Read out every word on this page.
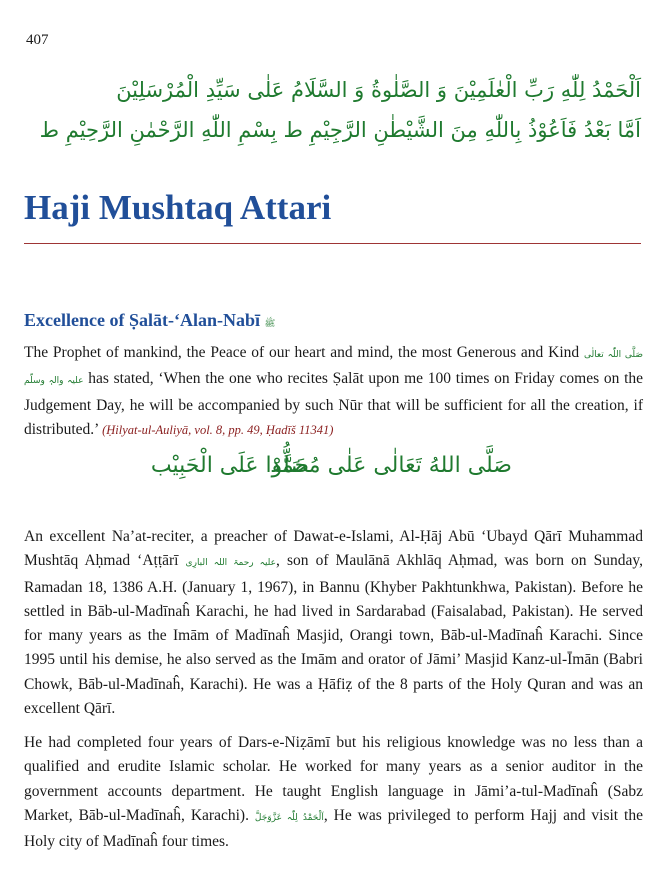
407
اَلْحَمْدُ لِلّٰهِ رَبِّ الْعٰلَمِیْنَ وَ الصَّلٰوةُ وَ السَّلَامُ عَلٰی سَیِّدِ الْمُرْسَلِیْنَ
اَمَّا بَعْدُ فَاَعُوْذُ بِاللّٰهِ مِنَ الشَّیْطٰنِ الرَّجِیْمِ ط بِسْمِ اللّٰهِ الرَّحْمٰنِ الرَّحِیْمِ ط
Haji Mushtaq Attari
Excellence of Ṣalāt-‘Alan-Nabī ﷺ

The Prophet of mankind, the Peace of our heart and mind, the most Generous and Kind صَلَّی اللّٰہ تعالٰی علیہ والہٖ وسلّم has stated, ‘When the one who recites Ṣalāt upon me 100 times on Friday comes on the Judgement Day, he will be accompanied by such Nūr that will be sufficient for all the creation, if distributed.’ (Ḥilyat-ul-Auliyā, vol. 8, pp. 49, Ḥadīš 11341)

صَلَّی اللهُ تَعَالٰی عَلٰی مُحَمَّد
صَلُّوْا عَلَی الْحَبِیْب

An excellent Na’at-reciter, a preacher of Dawat-e-Islami, Al-Ḥāj Abū ‘Ubayd Qārī Muhammad Mushtāq Aḥmad ‘Aṭṭārī علیہ رحمۃ اللہ البارِی, son of Maulānā Akhlāq Aḥmad, was born on Sunday, Ramadan 18, 1386 A.H. (January 1, 1967), in Bannu (Khyber Pakhtunkhwa, Pakistan). Before he settled in Bāb-ul-Madīnaĥ Karachi, he had lived in Sardarabad (Faisalabad, Pakistan). He served for many years as the Imām of Madīnaĥ Masjid, Orangi town, Bāb-ul-Madīnaĥ Karachi. Since 1995 until his demise, he also served as the Imām and orator of Jāmi’ Masjid Kanz-ul-Īmān (Babri Chowk, Bāb-ul-Madīnaĥ, Karachi). He was a Ḥāfiẓ of the 8 parts of the Holy Quran and was an excellent Qārī.

He had completed four years of Dars-e-Niẓāmī but his religious knowledge was no less than a qualified and erudite Islamic scholar. He worked for many years as a senior auditor in the government accounts department. He taught English language in Jāmi’a-tul-Madīnaĥ (Sabz Market, Bāb-ul-Madīnaĥ, Karachi). اَلْحَمْدُ لِلّٰہ عَزَّوَجَلَّ, He was privileged to perform Hajj and visit the Holy city of Madīnaĥ four times.
